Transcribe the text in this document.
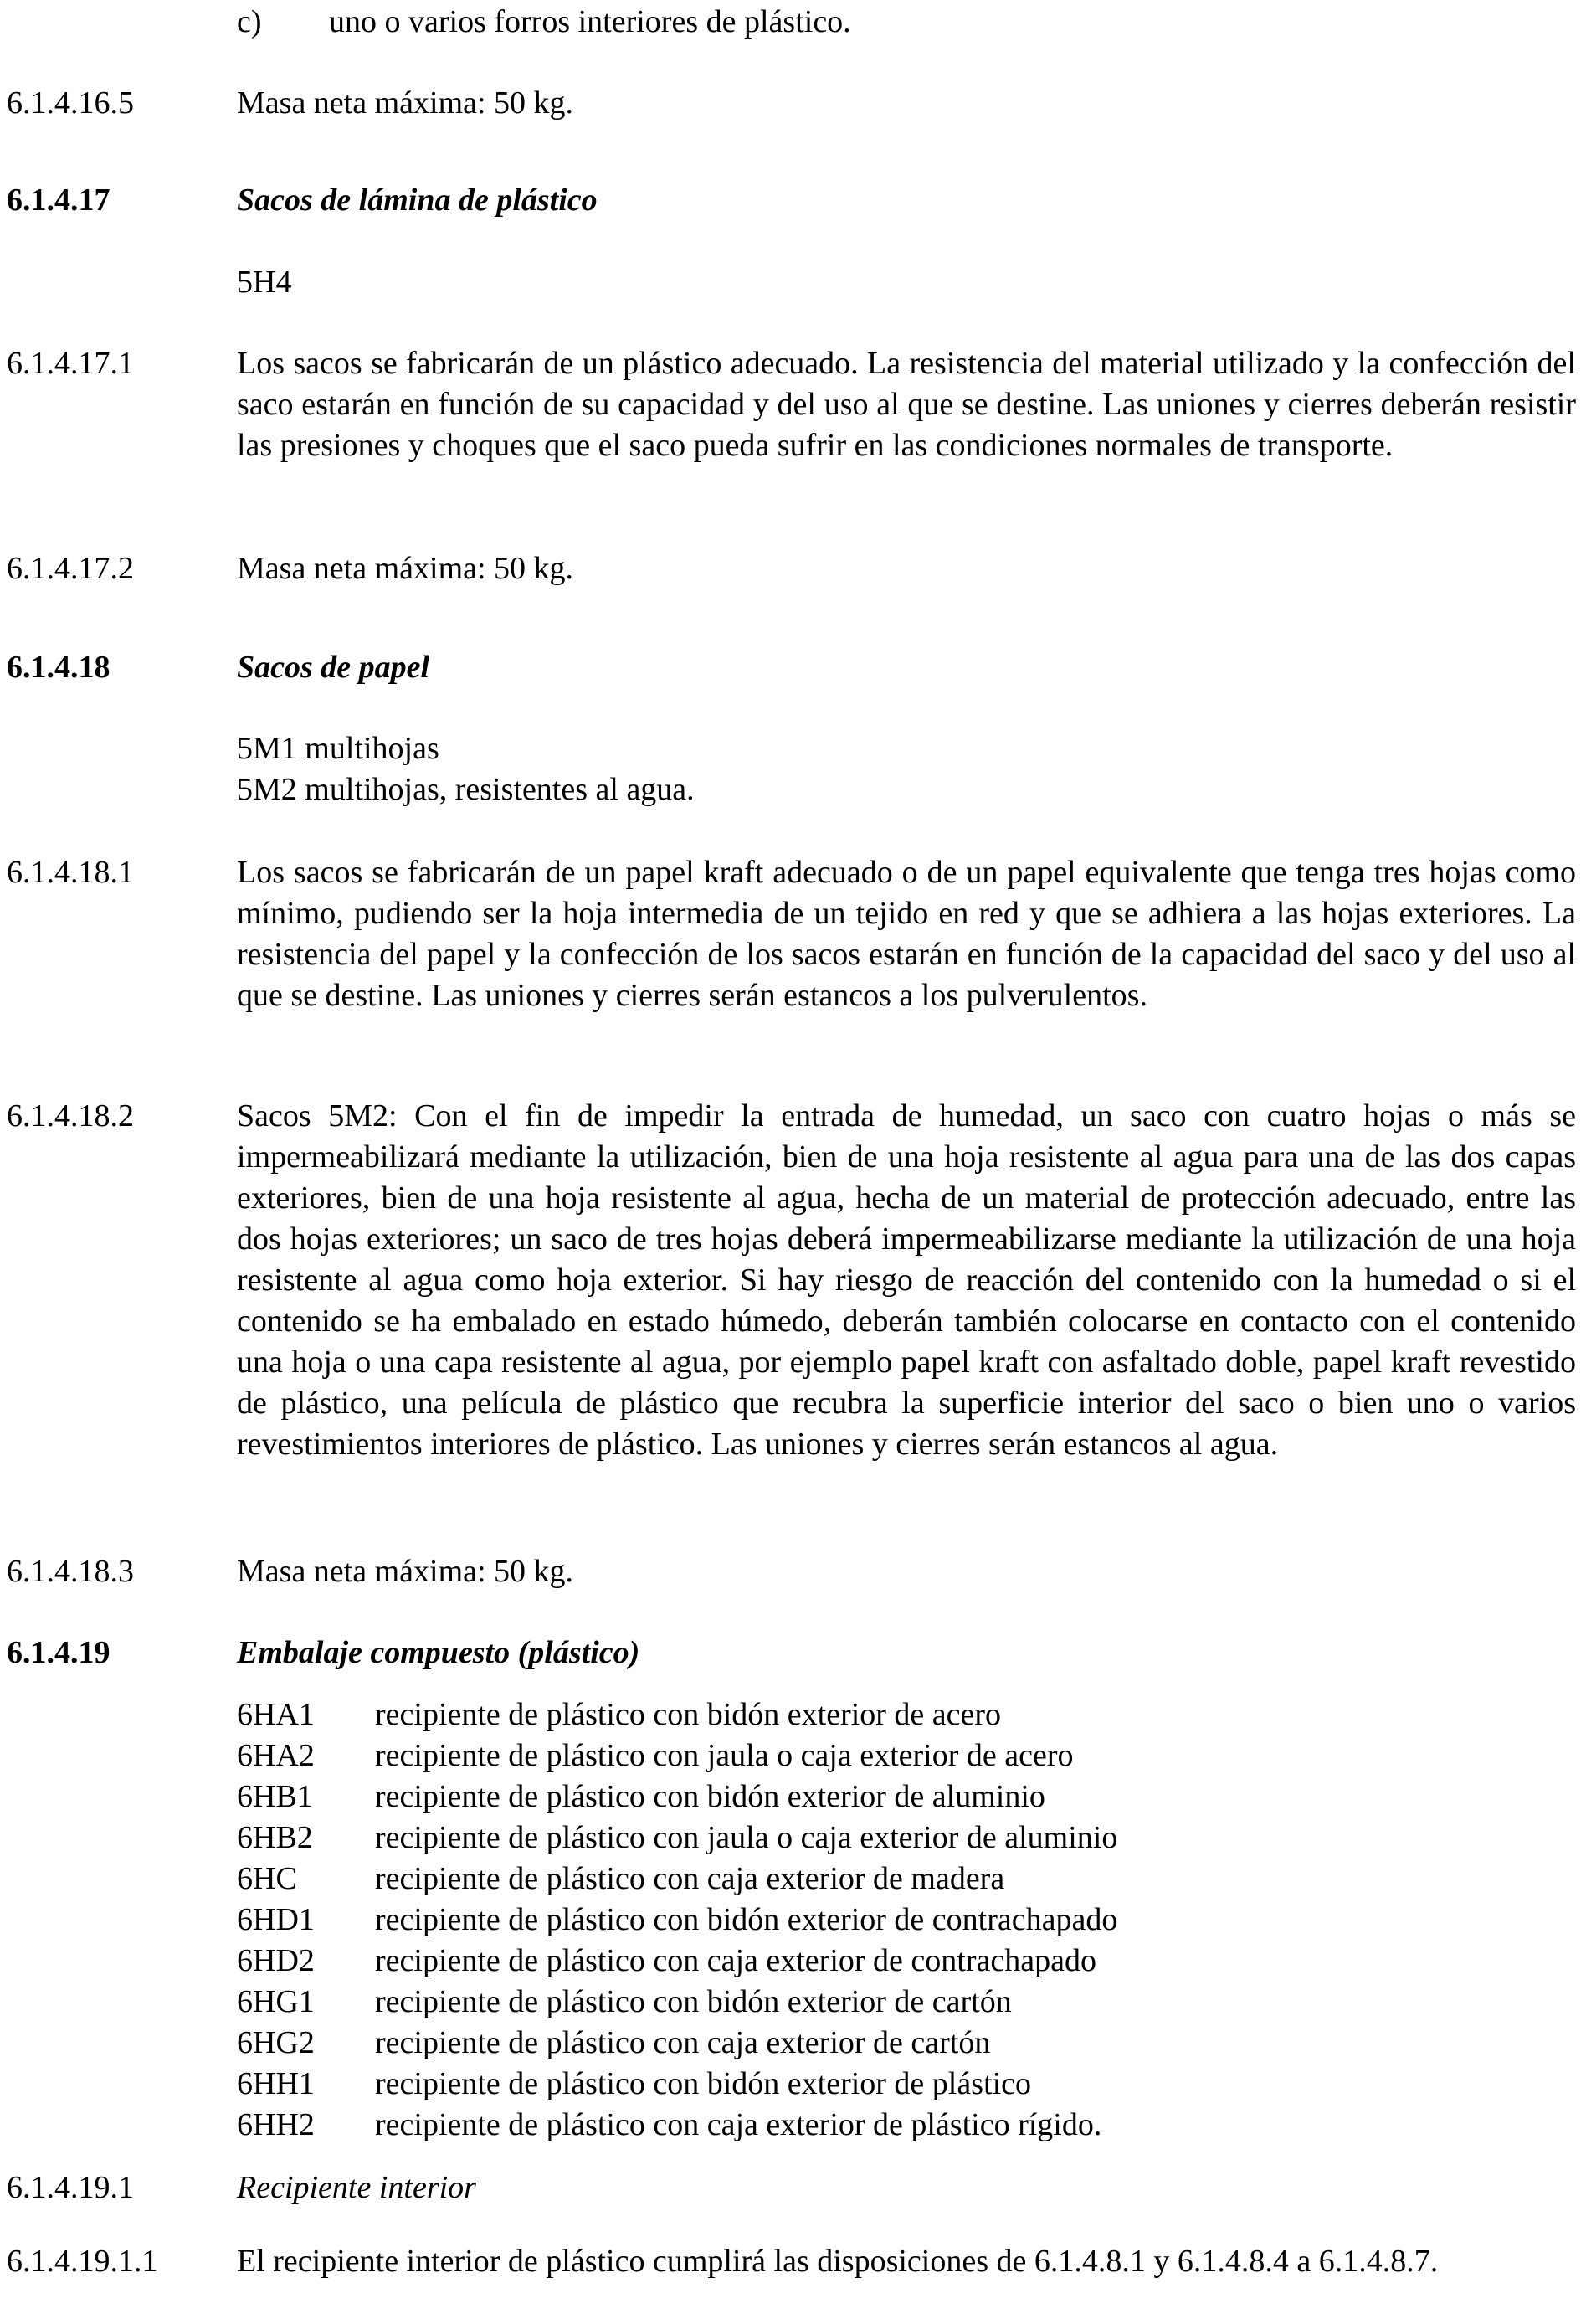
c)	uno o varios forros interiores de plástico.
6.1.4.16.5	Masa neta máxima: 50 kg.
6.1.4.17	Sacos de lámina de plástico
5H4
6.1.4.17.1	Los sacos se fabricarán de un plástico adecuado. La resistencia del material utilizado y la confección del saco estarán en función de su capacidad y del uso al que se destine. Las uniones y cierres deberán resistir las presiones y choques que el saco pueda sufrir en las condiciones normales de transporte.
6.1.4.17.2	Masa neta máxima: 50 kg.
6.1.4.18	Sacos de papel
5M1 multihojas
5M2 multihojas, resistentes al agua.
6.1.4.18.1	Los sacos se fabricarán de un papel kraft adecuado o de un papel equivalente que tenga tres hojas como mínimo, pudiendo ser la hoja intermedia de un tejido en red y que se adhiera a las hojas exteriores. La resistencia del papel y la confección de los sacos estarán en función de la capacidad del saco y del uso al que se destine. Las uniones y cierres serán estancos a los pulverulentos.
6.1.4.18.2	Sacos 5M2: Con el fin de impedir la entrada de humedad, un saco con cuatro hojas o más se impermeabilizará mediante la utilización, bien de una hoja resistente al agua para una de las dos capas exteriores, bien de una hoja resistente al agua, hecha de un material de protección adecuado, entre las dos hojas exteriores; un saco de tres hojas deberá impermeabilizarse mediante la utilización de una hoja resistente al agua como hoja exterior. Si hay riesgo de reacción del contenido con la humedad o si el contenido se ha embalado en estado húmedo, deberán también colocarse en contacto con el contenido una hoja o una capa resistente al agua, por ejemplo papel kraft con asfaltado doble, papel kraft revestido de plástico, una película de plástico que recubra la superficie interior del saco o bien uno o varios revestimientos interiores de plástico. Las uniones y cierres serán estancos al agua.
6.1.4.18.3	Masa neta máxima: 50 kg.
6.1.4.19	Embalaje compuesto (plástico)
6HA1	recipiente de plástico con bidón exterior de acero
6HA2	recipiente de plástico con jaula o caja exterior de acero
6HB1	recipiente de plástico con bidón exterior de aluminio
6HB2	recipiente de plástico con jaula o caja exterior de aluminio
6HC	recipiente de plástico con caja exterior de madera
6HD1	recipiente de plástico con bidón exterior de contrachapado
6HD2	recipiente de plástico con caja exterior de contrachapado
6HG1	recipiente de plástico con bidón exterior de cartón
6HG2	recipiente de plástico con caja exterior de cartón
6HH1	recipiente de plástico con bidón exterior de plástico
6HH2	recipiente de plástico con caja exterior de plástico rígido.
6.1.4.19.1	Recipiente interior
6.1.4.19.1.1 El recipiente interior de plástico cumplirá las disposiciones de 6.1.4.8.1 y 6.1.4.8.4 a 6.1.4.8.7.
